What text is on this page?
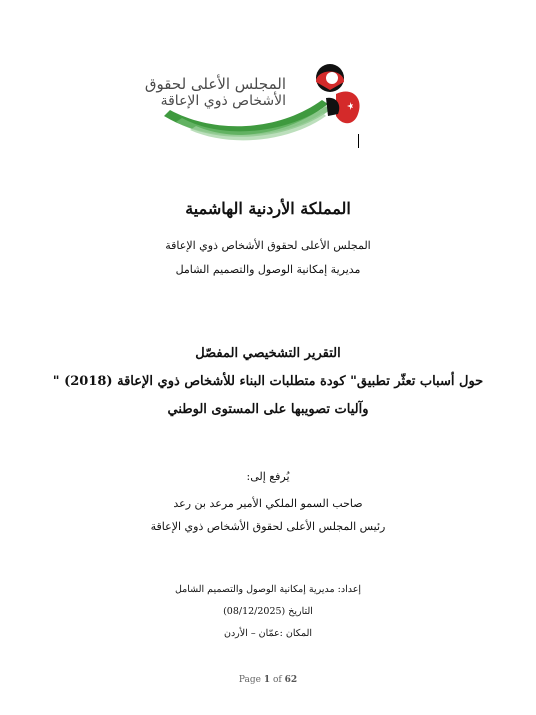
المجلس الأعلى لحقوق
الأشخاص ذوي الإعاقة
المملكة الأردنية الهاشمية
المجلس الأعلى لحقوق الأشخاص ذوي الإعاقة
مديرية إمكانية الوصول والتصميم الشامل
التقرير التشخيصي المفصّل
حول أسباب تعثّر تطبيق" كودة متطلبات البناء للأشخاص ذوي الإعاقة (2018) "
وآليات تصويبها على المستوى الوطني
يُرفع إلى:
صاحب السمو الملكي الأمير مرعد بن رعد
رئيس المجلس الأعلى لحقوق الأشخاص ذوي الإعاقة
إعداد: مديرية إمكانية الوصول والتصميم الشامل
التاريخ (08/12/2025)
المكان :عمّان – الأردن
Page 1 of 62
